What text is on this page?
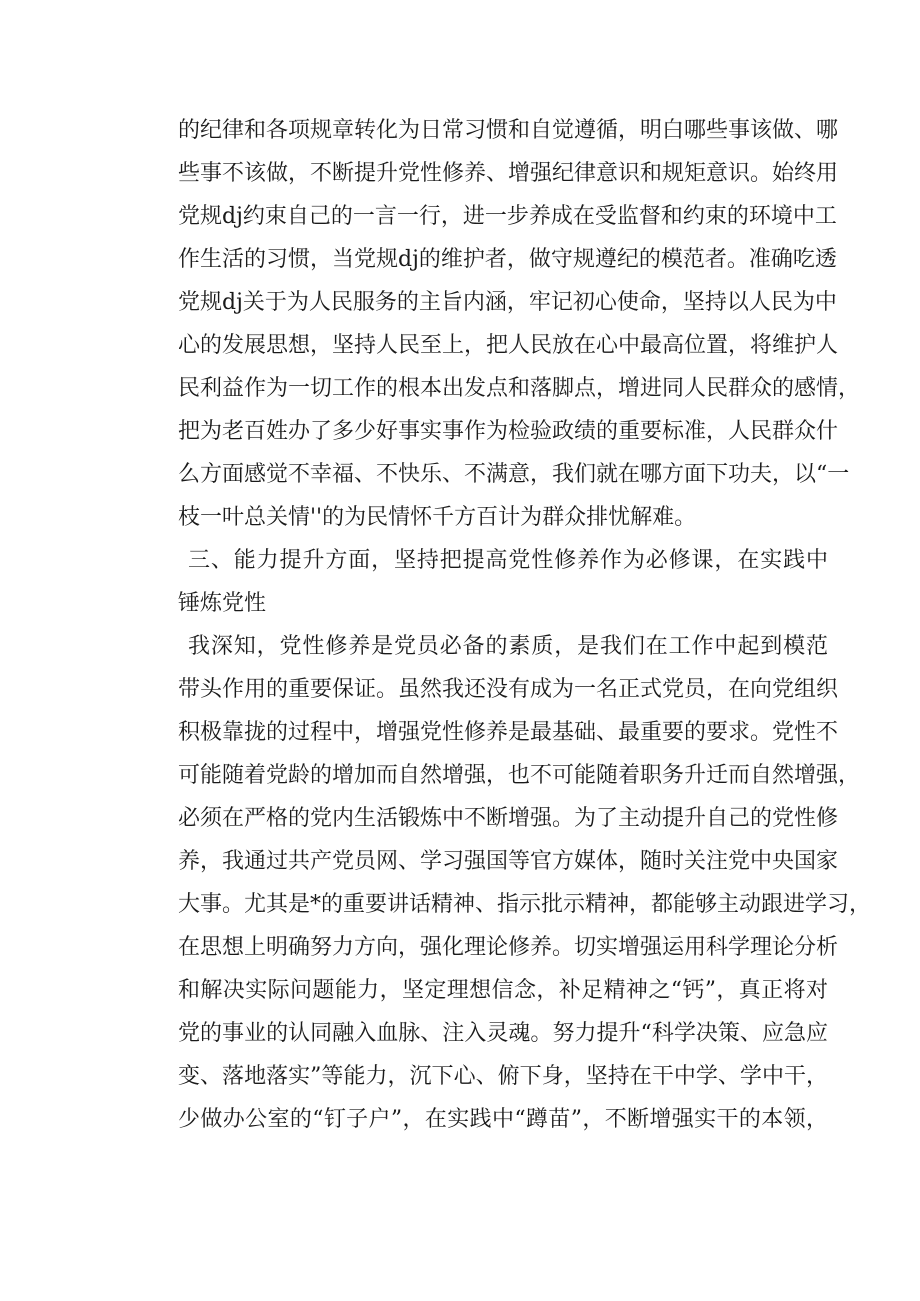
的纪律和各项规章转化为日常习惯和自觉遵循，明白哪些事该做、哪
些事不该做，不断提升党性修养、增强纪律意识和规矩意识。始终用
党规dj约束自己的一言一行，进一步养成在受监督和约束的环境中工
作生活的习惯，当党规dj的维护者，做守规遵纪的模范者。准确吃透
党规dj关于为人民服务的主旨内涵，牢记初心使命，坚持以人民为中
心的发展思想，坚持人民至上，把人民放在心中最高位置，将维护人
民利益作为一切工作的根本出发点和落脚点，增进同人民群众的感情，
把为老百姓办了多少好事实事作为检验政绩的重要标准，人民群众什
么方面感觉不幸福、不快乐、不满意，我们就在哪方面下功夫，以“一
枝一叶总关情''的为民情怀千方百计为群众排忧解难。
三、能力提升方面，坚持把提高党性修养作为必修课，在实践中
锤炼党性
我深知，党性修养是党员必备的素质，是我们在工作中起到模范
带头作用的重要保证。虽然我还没有成为一名正式党员，在向党组织
积极靠拢的过程中，增强党性修养是最基础、最重要的要求。党性不
可能随着党龄的增加而自然增强，也不可能随着职务升迁而自然增强，
必须在严格的党内生活锻炼中不断增强。为了主动提升自己的党性修
养，我通过共产党员网、学习强国等官方媒体，随时关注党中央国家
大事。尤其是*的重要讲话精神、指示批示精神，都能够主动跟进学习，
在思想上明确努力方向，强化理论修养。切实增强运用科学理论分析
和解决实际问题能力，坚定理想信念，补足精神之“钙”，真正将对
党的事业的认同融入血脉、注入灵魂。努力提升“科学决策、应急应
变、落地落实”等能力，沉下心、俯下身，坚持在干中学、学中干，
少做办公室的“钉子户”，在实践中“蹲苗”，不断增强实干的本领，
